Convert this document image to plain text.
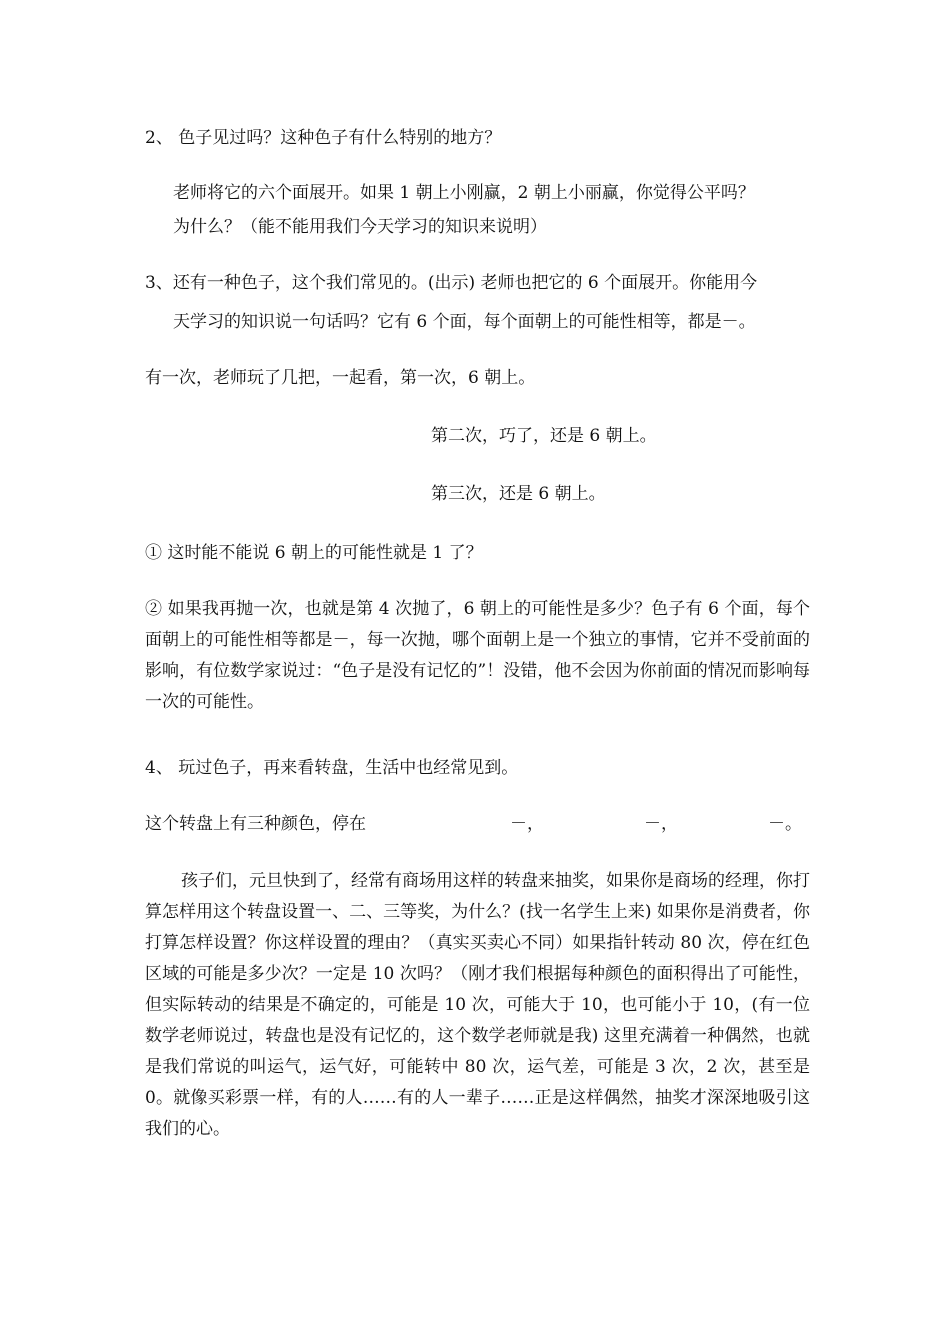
2、 色子见过吗？这种色子有什么特别的地方？
老师将它的六个面展开。如果 1 朝上小刚赢，2 朝上小丽赢，你觉得公平吗？
为什么？（能不能用我们今天学习的知识来说明）
3、还有一种色子，这个我们常见的。(出示) 老师也把它的 6 个面展开。你能用今
天学习的知识说一句话吗？它有 6 个面，每个面朝上的可能性相等，都是－。
有一次，老师玩了几把，一起看，第一次，6 朝上。
第二次，巧了，还是 6 朝上。
第三次，还是 6 朝上。
① 这时能不能说 6 朝上的可能性就是 1 了？
② 如果我再抛一次，也就是第 4 次抛了，6 朝上的可能性是多少？色子有 6 个面，每个面朝上的可能性相等都是－，每一次抛，哪个面朝上是一个独立的事情，它并不受前面的影响，有位数学家说过：“色子是没有记忆的”！没错，他不会因为你前面的情况而影响每一次的可能性。
4、 玩过色子，再来看转盘，生活中也经常见到。
这个转盘上有三种颜色，停在	－，	－，	－。
孩子们，元旦快到了，经常有商场用这样的转盘来抽奖，如果你是商场的经理，你打算怎样用这个转盘设置一、二、三等奖，为什么？(找一名学生上来) 如果你是消费者，你打算怎样设置？你这样设置的理由？（真实买卖心不同）如果指针转动 80 次，停在红色区域的可能是多少次？一定是 10 次吗？（刚才我们根据每种颜色的面积得出了可能性，但实际转动的结果是不确定的，可能是 10 次，可能大于 10，也可能小于 10，(有一位数学老师说过，转盘也是没有记忆的，这个数学老师就是我) 这里充满着一种偶然，也就是我们常说的叫运气，运气好，可能转中 80 次，运气差，可能是 3 次，2 次，甚至是 0。就像买彩票一样，有的人……有的人一辈子……正是这样偶然，抽奖才深深地吸引这我们的心。
